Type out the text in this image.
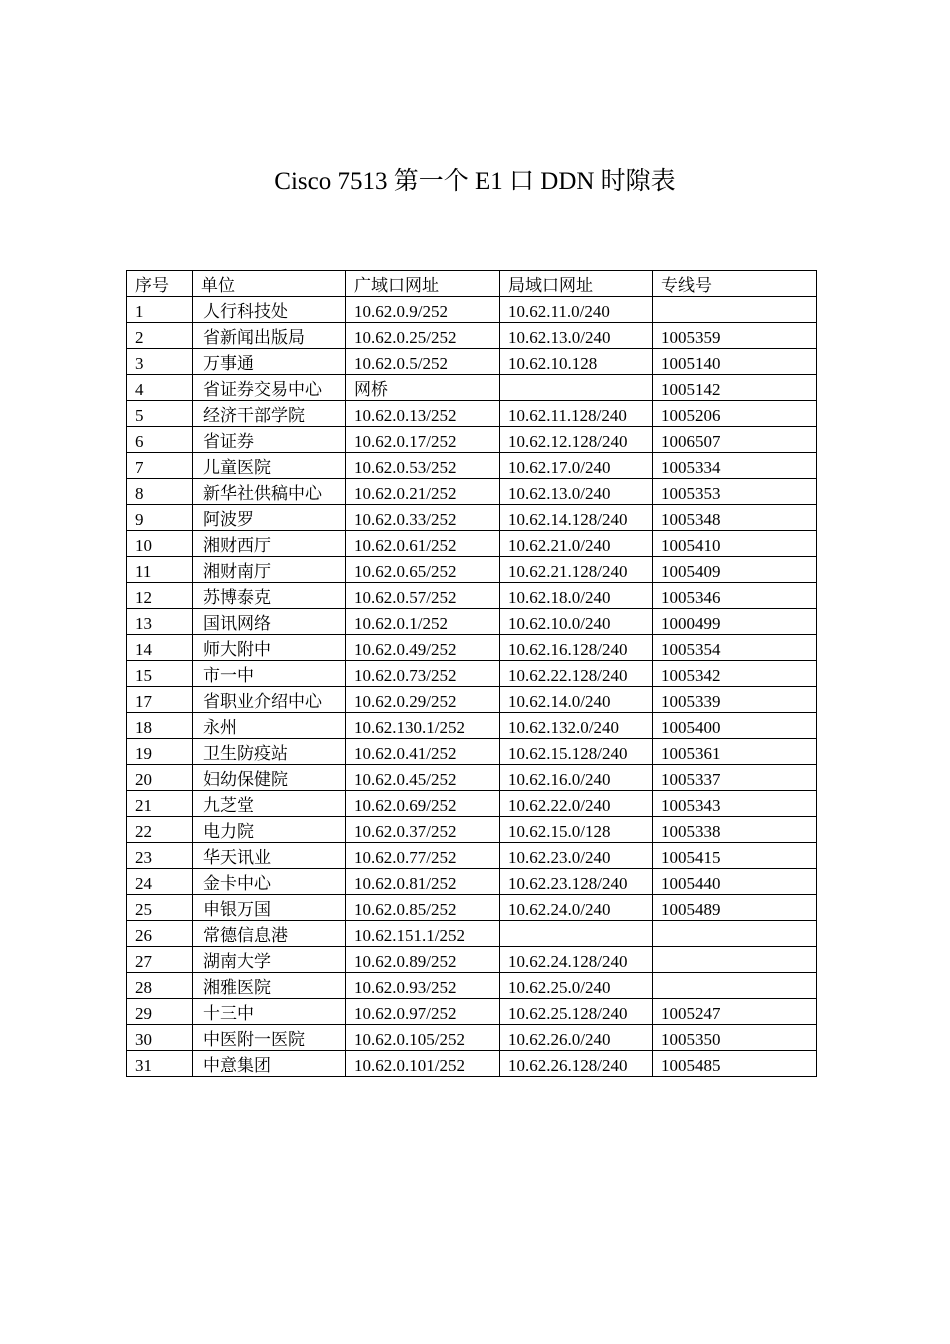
Cisco 7513 第一个 E1 口 DDN 时隙表
序号	单位	广域口网址	局域口网址	专线号
1	人行科技处	10.62.0.9/252	10.62.11.0/240	
2	省新闻出版局	10.62.0.25/252	10.62.13.0/240	1005359
3	万事通	10.62.0.5/252	10.62.10.128	1005140
4	省证券交易中心	网桥		1005142
5	经济干部学院	10.62.0.13/252	10.62.11.128/240	1005206
6	省证券	10.62.0.17/252	10.62.12.128/240	1006507
7	儿童医院	10.62.0.53/252	10.62.17.0/240	1005334
8	新华社供稿中心	10.62.0.21/252	10.62.13.0/240	1005353
9	阿波罗	10.62.0.33/252	10.62.14.128/240	1005348
10	湘财西厅	10.62.0.61/252	10.62.21.0/240	1005410
11	湘财南厅	10.62.0.65/252	10.62.21.128/240	1005409
12	苏博泰克	10.62.0.57/252	10.62.18.0/240	1005346
13	国讯网络	10.62.0.1/252	10.62.10.0/240	1000499
14	师大附中	10.62.0.49/252	10.62.16.128/240	1005354
15	市一中	10.62.0.73/252	10.62.22.128/240	1005342
17	省职业介绍中心	10.62.0.29/252	10.62.14.0/240	1005339
18	永州	10.62.130.1/252	10.62.132.0/240	1005400
19	卫生防疫站	10.62.0.41/252	10.62.15.128/240	1005361
20	妇幼保健院	10.62.0.45/252	10.62.16.0/240	1005337
21	九芝堂	10.62.0.69/252	10.62.22.0/240	1005343
22	电力院	10.62.0.37/252	10.62.15.0/128	1005338
23	华天讯业	10.62.0.77/252	10.62.23.0/240	1005415
24	金卡中心	10.62.0.81/252	10.62.23.128/240	1005440
25	申银万国	10.62.0.85/252	10.62.24.0/240	1005489
26	常德信息港	10.62.151.1/252		
27	湖南大学	10.62.0.89/252	10.62.24.128/240	
28	湘雅医院	10.62.0.93/252	10.62.25.0/240	
29	十三中	10.62.0.97/252	10.62.25.128/240	1005247
30	中医附一医院	10.62.0.105/252	10.62.26.0/240	1005350
31	中意集团	10.62.0.101/252	10.62.26.128/240	1005485
